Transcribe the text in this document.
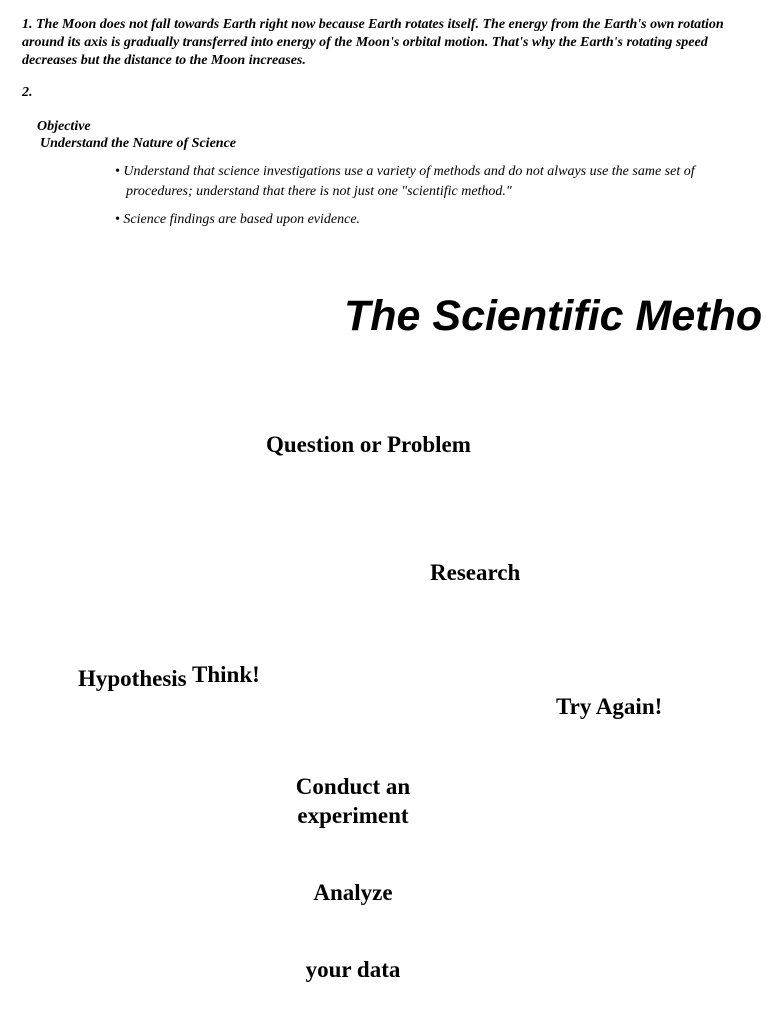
1. The Moon does not fall towards Earth right now because Earth rotates itself. The energy from the Earth's own rotation around its axis is gradually transferred into energy of the Moon's orbital motion. That's why the Earth's rotating speed decreases but the distance to the Moon increases.

2.

Objective

Understand the Nature of Science

• Understand that science investigations use a variety of methods and do not always use the same set of procedures; understand that there is not just one "scientific method."

• Science findings are based upon evidence.

The Scientific Metho

Question or Problem

Research

Hypothesis Think!

Try Again!

Conduct an experiment

Analyze

your data
